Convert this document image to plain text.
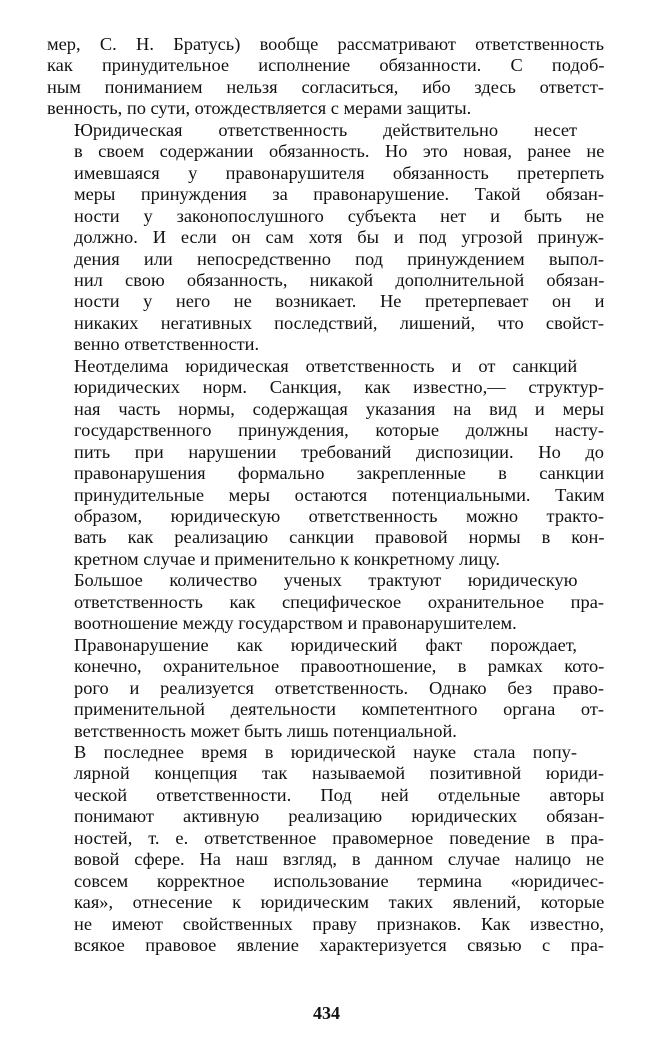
мер, С. Н. Братусь) вообще рассматривают ответственность
как принудительное исполнение обязанности. С подоб-
ным пониманием нельзя согласиться, ибо здесь ответст-
венность, по сути, отождествляется с мерами защиты.

Юридическая ответственность действительно несет
в своем содержании обязанность. Но это новая, ранее не
имевшаяся у правонарушителя обязанность претерпеть
меры принуждения за правонарушение. Такой обязан-
ности у законопослушного субъекта нет и быть не
должно. И если он сам хотя бы и под угрозой принуж-
дения или непосредственно под принуждением выпол-
нил свою обязанность, никакой дополнительной обязан-
ности у него не возникает. Не претерпевает он и
никаких негативных последствий, лишений, что свойст-
венно ответственности.

Неотделима юридическая ответственность и от санкций
юридических норм. Санкция, как известно,— структур-
ная часть нормы, содержащая указания на вид и меры
государственного принуждения, которые должны насту-
пить при нарушении требований диспозиции. Но до
правонарушения формально закрепленные в санкции
принудительные меры остаются потенциальными. Таким
образом, юридическую ответственность можно тракто-
вать как реализацию санкции правовой нормы в кон-
кретном случае и применительно к конкретному лицу.

Большое количество ученых трактуют юридическую
ответственность как специфическое охранительное пра-
воотношение между государством и правонарушителем.

Правонарушение как юридический факт порождает,
конечно, охранительное правоотношение, в рамках кото-
рого и реализуется ответственность. Однако без право-
применительной деятельности компетентного органа от-
ветственность может быть лишь потенциальной.

В последнее время в юридической науке стала попу-
лярной концепция так называемой позитивной юриди-
ческой ответственности. Под ней отдельные авторы
понимают активную реализацию юридических обязан-
ностей, т. е. ответственное правомерное поведение в пра-
вовой сфере. На наш взгляд, в данном случае налицо не
совсем корректное использование термина «юридичес-
кая», отнесение к юридическим таких явлений, которые
не имеют свойственных праву признаков. Как известно,
всякое правовое явление характеризуется связью с пра-

434
